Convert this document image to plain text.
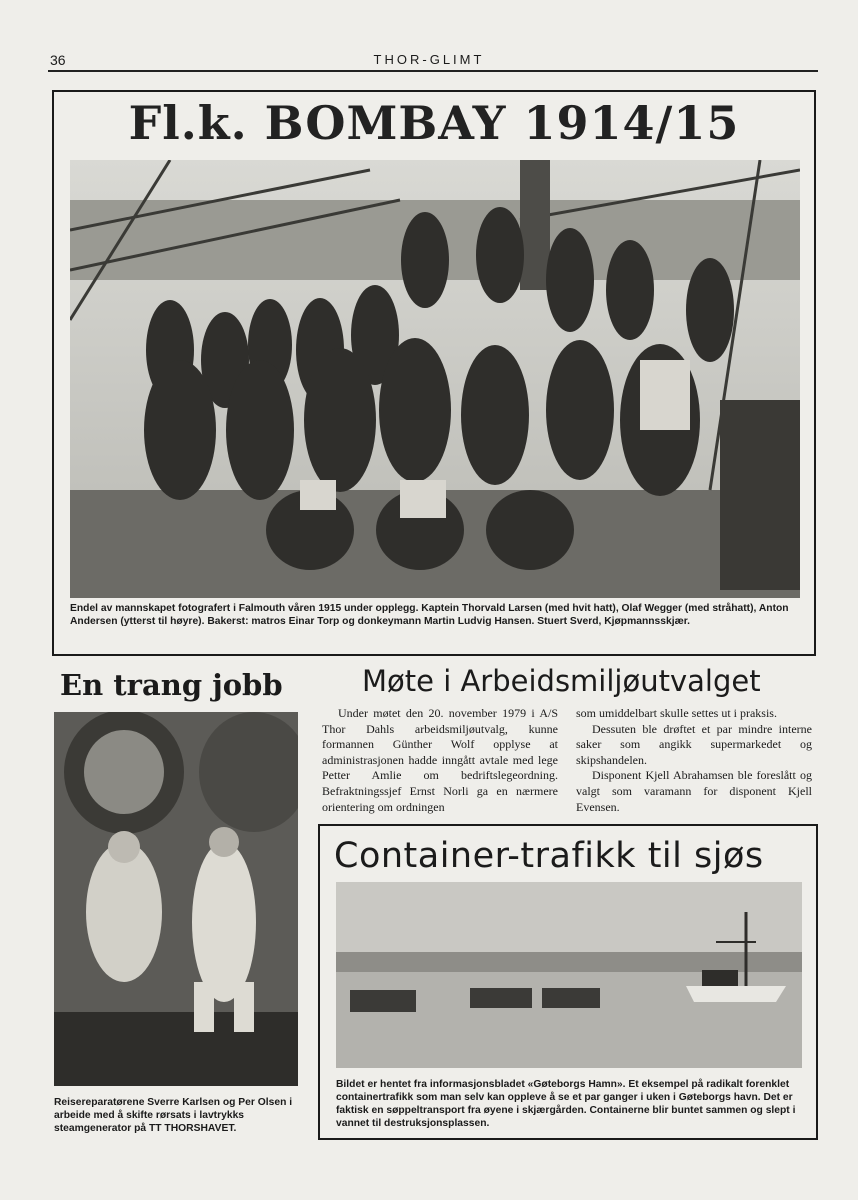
36	THOR-GLIMT
Fl.k. BOMBAY 1914/15
Endel av mannskapet fotografert i Falmouth våren 1915 under opplegg. Kaptein Thorvald Larsen (med hvit hatt), Olaf Wegger (med stråhatt), Anton Andersen (ytterst til høyre). Bakerst: matros Einar Torp og donkeymann Martin Ludvig Hansen. Stuert Sverd, Kjøpmannsskjær.
En trang jobb
Reisereparatørene Sverre Karlsen og Per Olsen i arbeide med å skifte rørsats i lavtrykks steamgenerator på TT THORSHAVET.
Møte i Arbeidsmiljøutvalget

Under møtet den 20. november 1979 i A/S Thor Dahls arbeidsmiljøutvalg, kunne formannen Günther Wolf opplyse at administrasjonen hadde inngått avtale med lege Petter Amlie om bedriftslegeordning. Befraktningssjef Ernst Norli ga en nærmere orientering om ordningen

som umiddelbart skulle settes ut i praksis.

Dessuten ble drøftet et par mindre interne saker som angikk supermarkedet og skipshandelen.

Disponent Kjell Abrahamsen ble foreslått og valgt som varamann for disponent Kjell Evensen.

Container-trafikk til sjøs
Bildet er hentet fra informasjonsbladet «Gøteborgs Hamn». Et eksempel på radikalt forenklet containertrafikk som man selv kan oppleve å se et par ganger i uken i Gøteborgs havn. Det er faktisk en søppeltransport fra øyene i skjærgården. Containerne blir buntet sammen og slept i vannet til destruksjonsplassen.
